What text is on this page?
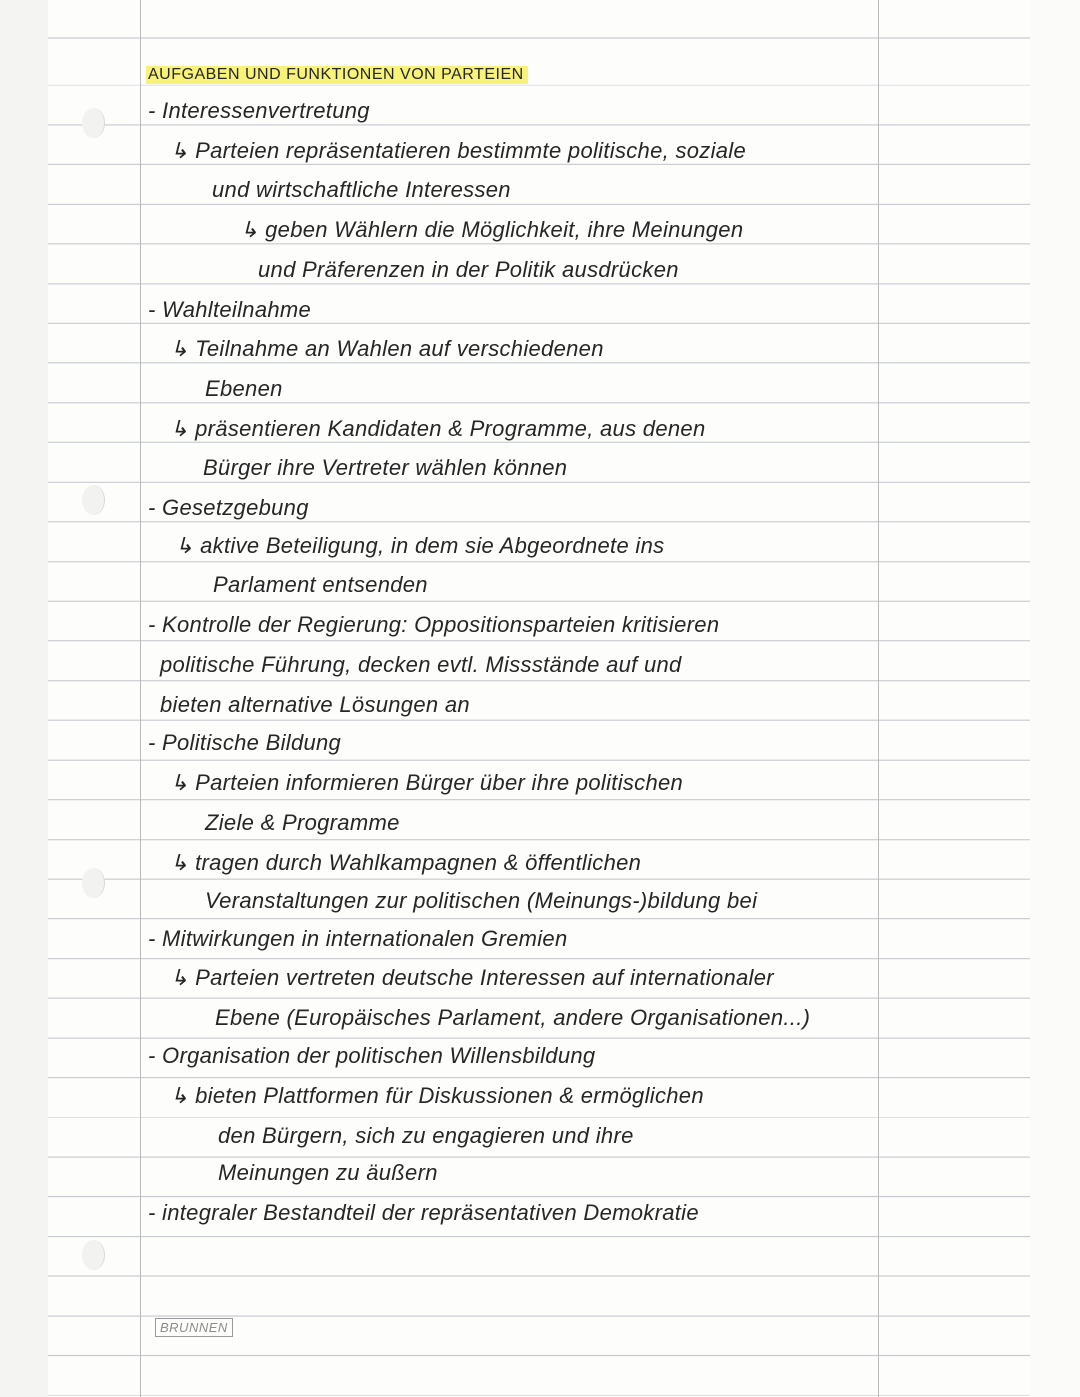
AUFGABEN UND FUNKTIONEN VON PARTEIEN
- Interessenvertretung
↳ Parteien repräsentatieren bestimmte politische, soziale
und wirtschaftliche Interessen
↳ geben Wählern die Möglichkeit, ihre Meinungen
und Präferenzen in der Politik ausdrücken
- Wahlteilnahme
↳ Teilnahme an Wahlen auf verschiedenen
Ebenen
↳ präsentieren Kandidaten & Programme, aus denen
Bürger ihre Vertreter wählen können
- Gesetzgebung
↳ aktive Beteiligung, in dem sie Abgeordnete ins
Parlament entsenden
- Kontrolle der Regierung: Oppositionsparteien kritisieren
politische Führung, decken evtl. Missstände auf und
bieten alternative Lösungen an
- Politische Bildung
↳ Parteien informieren Bürger über ihre politischen
Ziele & Programme
↳ tragen durch Wahlkampagnen & öffentlichen
Veranstaltungen zur politischen (Meinungs-)bildung bei
- Mitwirkungen in internationalen Gremien
↳ Parteien vertreten deutsche Interessen auf internationaler
Ebene (Europäisches Parlament, andere Organisationen...)
- Organisation der politischen Willensbildung
↳ bieten Plattformen für Diskussionen & ermöglichen
den Bürgern, sich zu engagieren und ihre
Meinungen zu äußern
- integraler Bestandteil der repräsentativen Demokratie
BRUNNEN
